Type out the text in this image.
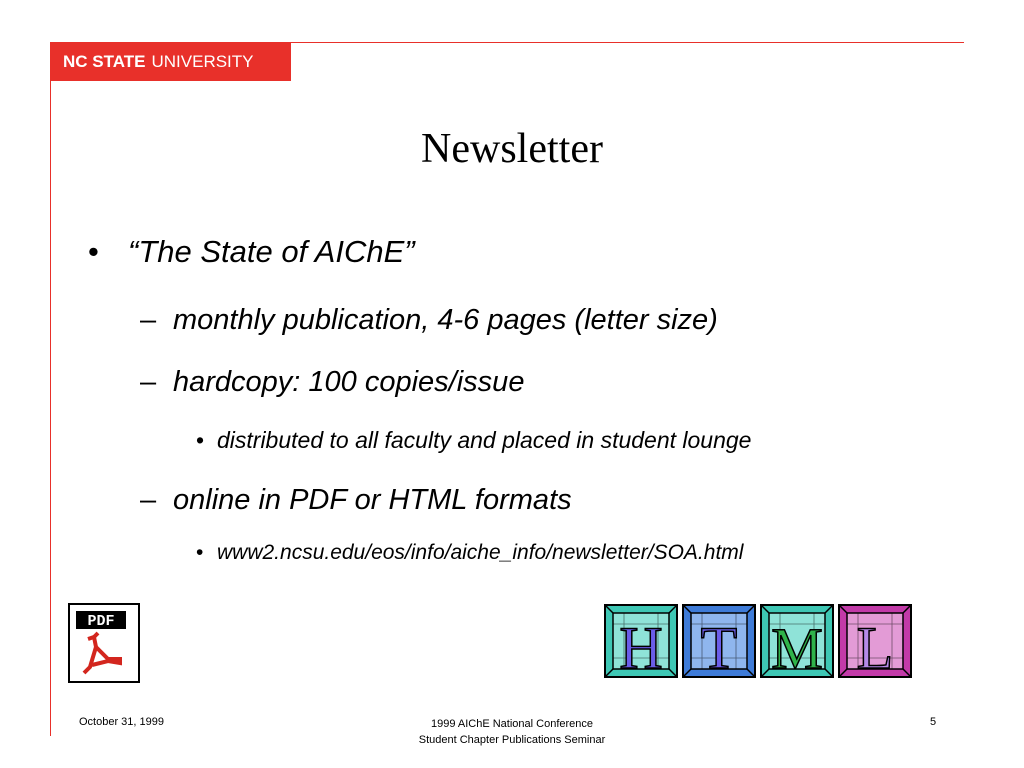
NC STATE UNIVERSITY
Newsletter
• “The State of AIChE”
– monthly publication, 4-6 pages (letter size)
– hardcopy: 100 copies/issue
• distributed to all faculty and placed in student lounge
– online in PDF or HTML formats
• www2.ncsu.edu/eos/info/aiche_info/newsletter/SOA.html
PDF	H T M L
October 31, 1999	1999 AIChE National Conference
Student Chapter Publications Seminar
5
